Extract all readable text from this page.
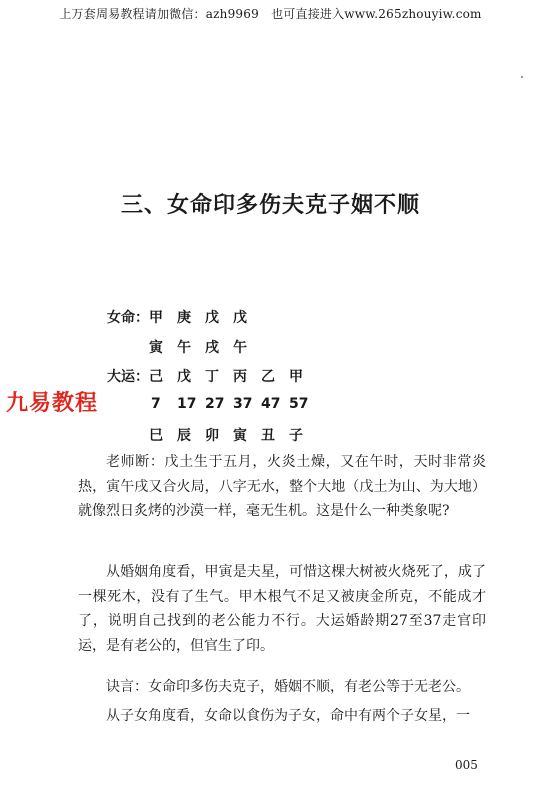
上万套周易教程请加微信：azh9969　也可直接进入www.265zhouyiw.com
三、女命印多伤夫克子姻不顺
女命： 甲	庚	戊	戊
寅	午	戌	午
大运： 己	戊	丁	丙	乙	甲
7	17 27 37 47 57
巳	辰	卯	寅	丑	子
九易教程
老师断：戊土生于五月，火炎土燥，又在午时，天时非常炎热，寅午戌又合火局，八字无水，整个大地（戊土为山、为大地）就像烈日炙烤的沙漠一样，毫无生机。这是什么一种类象呢?
从婚姻角度看，甲寅是夫星，可惜这棵大树被火烧死了，成了一棵死木，没有了生气。甲木根气不足又被庚金所克，不能成才了，说明自己找到的老公能力不行。大运婚龄期27至37走官印运，是有老公的，但官生了印。
诀言：女命印多伤夫克子，婚姻不顺，有老公等于无老公。
从子女角度看，女命以食伤为子女，命中有两个子女星，一
005
